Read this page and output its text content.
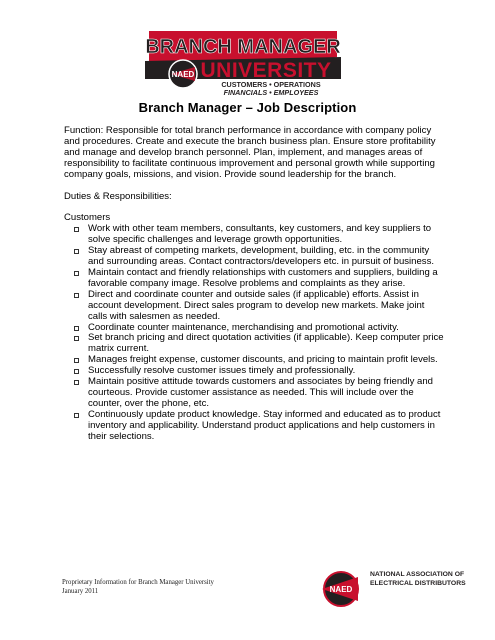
BRANCH MANAGER
UNIVERSITY
NAED
CUSTOMERS • OPERATIONS
FINANCIALS • EMPLOYEES
Branch Manager – Job Description

Function: Responsible for total branch performance in accordance with company policy and procedures. Create and execute the branch business plan. Ensure store profitability and manage and develop branch personnel. Plan, implement, and manages areas of responsibility to facilitate continuous improvement and personal growth while supporting company goals, missions, and vision. Provide sound leadership for the branch.

Duties & Responsibilities:

Customers

Work with other team members, consultants, key customers, and key suppliers to solve specific challenges and leverage growth opportunities.
Stay abreast of competing markets, development, building, etc. in the community and surrounding areas. Contact contractors/developers etc. in pursuit of business.
Maintain contact and friendly relationships with customers and suppliers, building a favorable company image. Resolve problems and complaints as they arise.
Direct and coordinate counter and outside sales (if applicable) efforts. Assist in account development. Direct sales program to develop new markets. Make joint calls with salesmen as needed.
Coordinate counter maintenance, merchandising and promotional activity.
Set branch pricing and direct quotation activities (if applicable). Keep computer price matrix current.
Manages freight expense, customer discounts, and pricing to maintain profit levels.
Successfully resolve customer issues timely and professionally.
Maintain positive attitude towards customers and associates by being friendly and courteous. Provide customer assistance as needed. This will include over the counter, over the phone, etc.
Continuously update product knowledge. Stay informed and educated as to product inventory and applicability. Understand product applications and help customers in their selections.
Proprietary Information for Branch Manager University
January 2011	NAED
NATIONAL ASSOCIATION OF
ELECTRICAL DISTRIBUTORS
